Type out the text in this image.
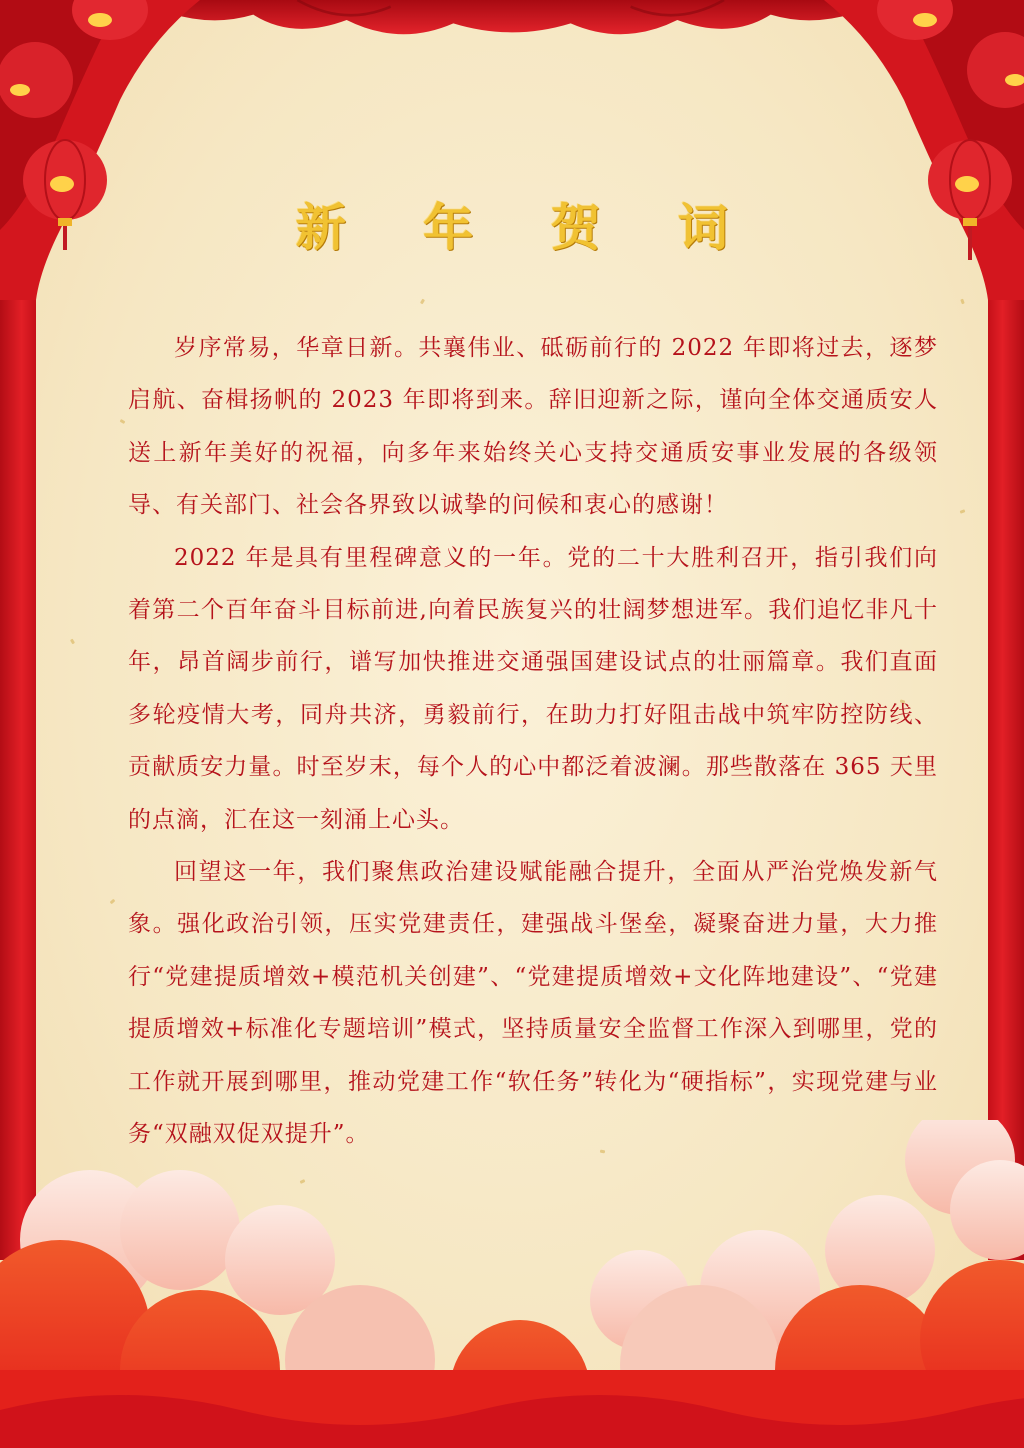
新 年 贺 词

岁序常易，华章日新。共襄伟业、砥砺前行的 2022 年即将过去，逐梦启航、奋楫扬帆的 2023 年即将到来。辞旧迎新之际，谨向全体交通质安人送上新年美好的祝福，向多年来始终关心支持交通质安事业发展的各级领导、有关部门、社会各界致以诚挚的问候和衷心的感谢！

2022 年是具有里程碑意义的一年。党的二十大胜利召开，指引我们向着第二个百年奋斗目标前进,向着民族复兴的壮阔梦想进军。我们追忆非凡十年，昂首阔步前行，谱写加快推进交通强国建设试点的壮丽篇章。我们直面多轮疫情大考，同舟共济，勇毅前行，在助力打好阻击战中筑牢防控防线、贡献质安力量。时至岁末，每个人的心中都泛着波澜。那些散落在 365 天里的点滴，汇在这一刻涌上心头。

回望这一年，我们聚焦政治建设赋能融合提升，全面从严治党焕发新气象。强化政治引领，压实党建责任，建强战斗堡垒，凝聚奋进力量，大力推行“党建提质增效+模范机关创建”、“党建提质增效+文化阵地建设”、“党建提质增效+标准化专题培训”模式，坚持质量安全监督工作深入到哪里，党的工作就开展到哪里，推动党建工作“软任务”转化为“硬指标”，实现党建与业务“双融双促双提升”。
